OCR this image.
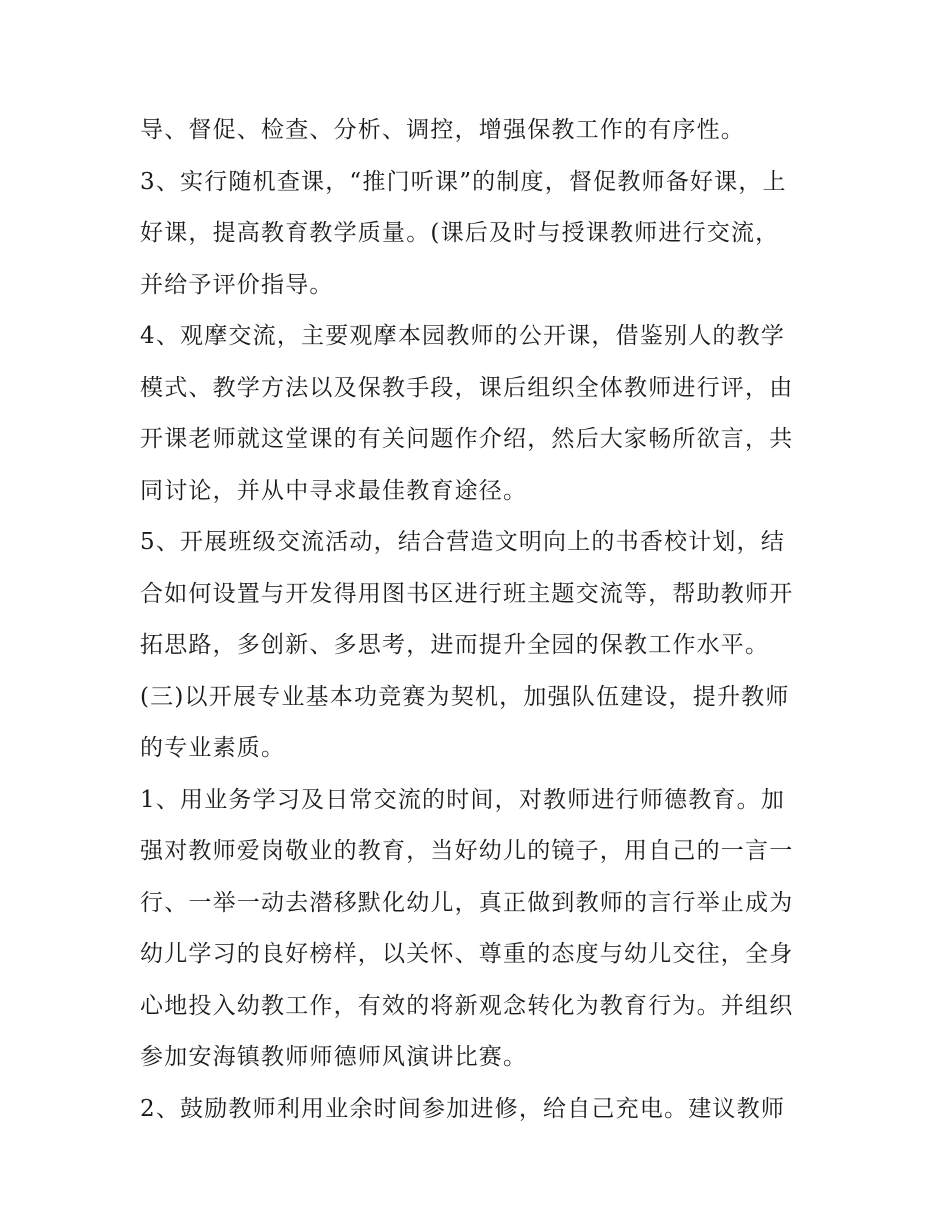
导、督促、检查、分析、调控，增强保教工作的有序性。
3、实行随机查课，“推门听课”的制度，督促教师备好课，上
好课，提高教育教学质量。(课后及时与授课教师进行交流，
并给予评价指导。
4、观摩交流，主要观摩本园教师的公开课，借鉴别人的教学
模式、教学方法以及保教手段，课后组织全体教师进行评，由
开课老师就这堂课的有关问题作介绍，然后大家畅所欲言，共
同讨论，并从中寻求最佳教育途径。
5、开展班级交流活动，结合营造文明向上的书香校计划，结
合如何设置与开发得用图书区进行班主题交流等，帮助教师开
拓思路，多创新、多思考，进而提升全园的保教工作水平。
(三)以开展专业基本功竞赛为契机，加强队伍建设，提升教师
的专业素质。
1、用业务学习及日常交流的时间，对教师进行师德教育。加
强对教师爱岗敬业的教育，当好幼儿的镜子，用自己的一言一
行、一举一动去潜移默化幼儿，真正做到教师的言行举止成为
幼儿学习的良好榜样，以关怀、尊重的态度与幼儿交往，全身
心地投入幼教工作，有效的将新观念转化为教育行为。并组织
参加安海镇教师师德师风演讲比赛。
2、鼓励教师利用业余时间参加进修，给自己充电。建议教师
